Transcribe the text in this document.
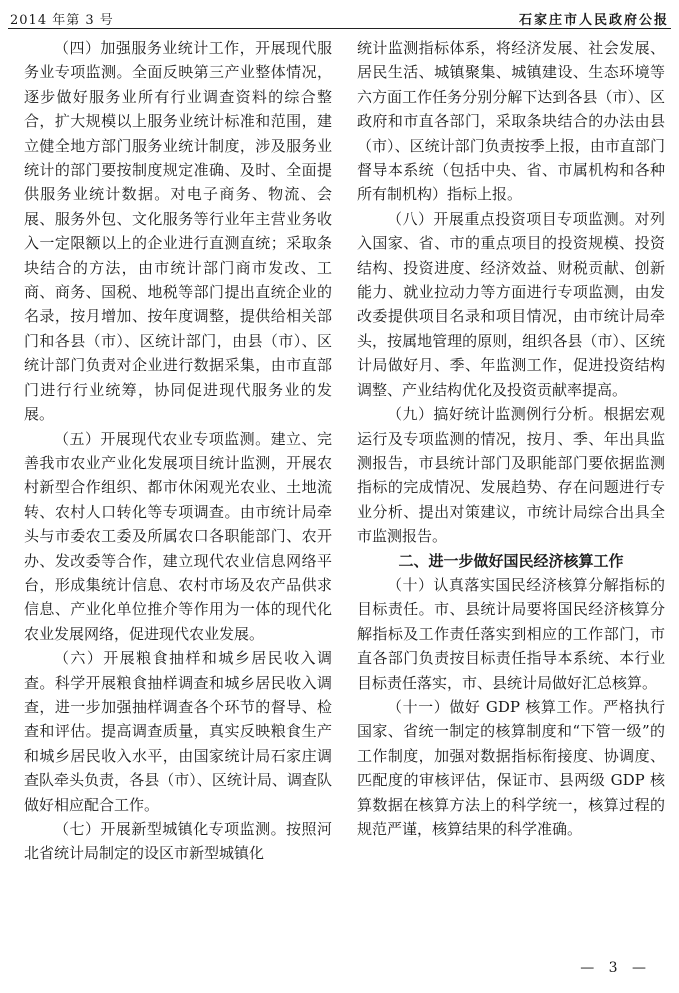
2014 年第 3 号	石家庄市人民政府公报

（四）加强服务业统计工作，开展现代服务业专项监测。全面反映第三产业整体情况，逐步做好服务业所有行业调查资料的综合整合，扩大规模以上服务业统计标准和范围，建立健全地方部门服务业统计制度，涉及服务业统计的部门要按制度规定准确、及时、全面提供服务业统计数据。对电子商务、物流、会展、服务外包、文化服务等行业年主营业务收入一定限额以上的企业进行直测直统；采取条块结合的方法，由市统计部门商市发改、工商、商务、国税、地税等部门提出直统企业的名录，按月增加、按年度调整，提供给相关部门和各县（市）、区统计部门，由县（市）、区统计部门负责对企业进行数据采集，由市直部门进行行业统筹，协同促进现代服务业的发展。

（五）开展现代农业专项监测。建立、完善我市农业产业化发展项目统计监测，开展农村新型合作组织、都市休闲观光农业、土地流转、农村人口转化等专项调查。由市统计局牵头与市委农工委及所属农口各职能部门、农开办、发改委等合作，建立现代农业信息网络平台，形成集统计信息、农村市场及农产品供求信息、产业化单位推介等作用为一体的现代化农业发展网络，促进现代农业发展。

（六）开展粮食抽样和城乡居民收入调查。科学开展粮食抽样调查和城乡居民收入调查，进一步加强抽样调查各个环节的督导、检查和评估。提高调查质量，真实反映粮食生产和城乡居民收入水平，由国家统计局石家庄调查队牵头负责，各县（市）、区统计局、调查队做好相应配合工作。

（七）开展新型城镇化专项监测。按照河北省统计局制定的设区市新型城镇化

统计监测指标体系，将经济发展、社会发展、居民生活、城镇聚集、城镇建设、生态环境等六方面工作任务分别分解下达到各县（市）、区政府和市直各部门，采取条块结合的办法由县（市）、区统计部门负责按季上报，由市直部门督导本系统（包括中央、省、市属机构和各种所有制机构）指标上报。

（八）开展重点投资项目专项监测。对列入国家、省、市的重点项目的投资规模、投资结构、投资进度、经济效益、财税贡献、创新能力、就业拉动力等方面进行专项监测，由发改委提供项目名录和项目情况，由市统计局牵头，按属地管理的原则，组织各县（市）、区统计局做好月、季、年监测工作，促进投资结构调整、产业结构优化及投资贡献率提高。

（九）搞好统计监测例行分析。根据宏观运行及专项监测的情况，按月、季、年出具监测报告，市县统计部门及职能部门要依据监测指标的完成情况、发展趋势、存在问题进行专业分析、提出对策建议，市统计局综合出具全市监测报告。

二、进一步做好国民经济核算工作

（十）认真落实国民经济核算分解指标的目标责任。市、县统计局要将国民经济核算分解指标及工作责任落实到相应的工作部门，市直各部门负责按目标责任指导本系统、本行业目标责任落实，市、县统计局做好汇总核算。

（十一）做好 GDP 核算工作。严格执行国家、省统一制定的核算制度和“下管一级”的工作制度，加强对数据指标衔接度、协调度、匹配度的审核评估，保证市、县两级 GDP 核算数据在核算方法上的科学统一，核算过程的规范严谨，核算结果的科学准确。

— 3 —
